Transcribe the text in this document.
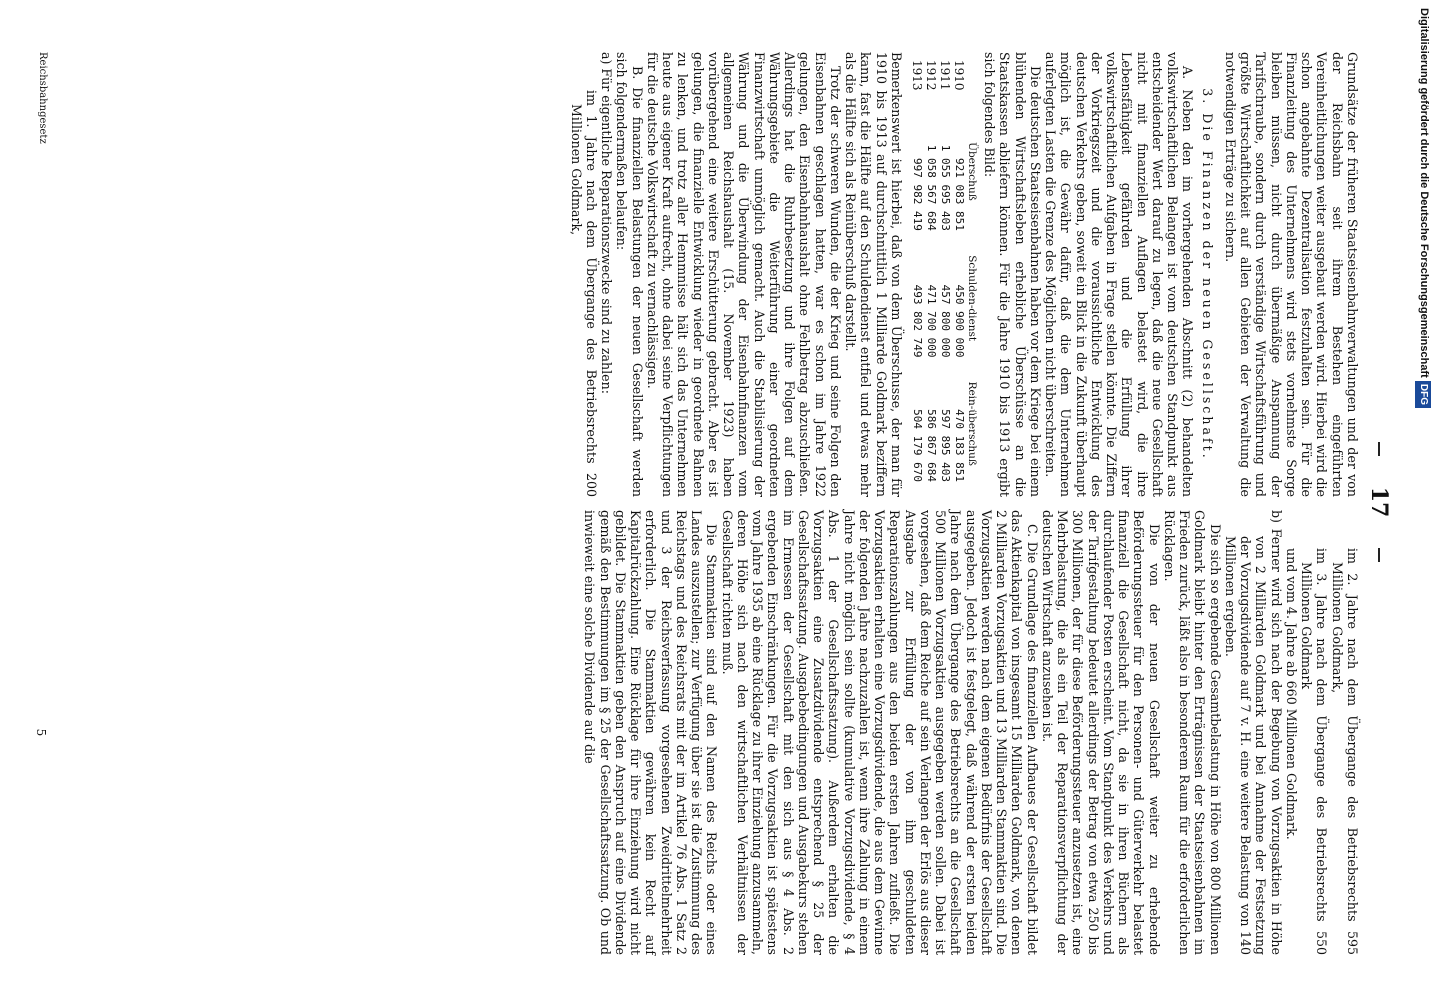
17

Grundsätze der früheren Staatseisenbahnverwaltungen und der von der Reichsbahn seit ihrem Bestehen eingeführten Vereinheitlichungen weiter ausgebaut werden wird. Hierbei wird die schon angebahnte Dezentralisation festzuhalten sein. Für die Finanzleitung des Unternehmens wird stets vornehmste Sorge bleiben müssen, nicht durch übermäßige Anspannung der Tarifschraube, sondern durch verständige Wirtschaftsführung und größte Wirtschaftlichkeit auf allen Gebieten der Verwaltung die notwendigen Erträge zu sichern.

3. Die Finanzen der neuen Gesellschaft.

A. Neben den im vorhergehenden Abschnitt (2) behandelten volkswirtschaftlichen Belangen ist vom deutschen Standpunkt aus entscheidender Wert darauf zu legen, daß die neue Gesellschaft nicht mit finanziellen Auflagen belastet wird, die ihre Lebensfähigkeit gefährden und die Erfüllung ihrer volkswirtschaftlichen Aufgaben in Frage stellen könnte. Die Ziffern der Vorkriegszeit und die voraussichtliche Entwicklung des deutschen Verkehrs geben, soweit ein Blick in die Zukunft überhaupt möglich ist, die Gewähr dafür, daß die dem Unternehmen auferlegten Lasten die Grenze des Möglichen nicht überschreiten.

Die deutschen Staatseisenbahnen haben vor dem Kriege bei einem blühenden Wirtschaftsleben erhebliche Überschüsse an die Staatskassen abliefern können. Für die Jahre 1910 bis 1913 ergibt sich folgendes Bild:

	Überschuß	Schulden-dienst	Rein-überschuß
1910	921 083 851	450 900 000	470 183 851
1911	1 055 695 403	457 800 000	597 895 403
1912	1 058 567 684	471 700 000	586 867 684
1913	997 982 419	493 802 749	504 179 670

Bemerkenswert ist hierbei, daß von dem Überschusse, der man für 1910 bis 1913 auf durchschnittlich 1 Milliarde Goldmark beziffern kann, fast die Hälfte auf den Schuldendienst entfiel und etwas mehr als die Hälfte sich als Reinüberschuß darstellt.

Trotz der schweren Wunden, die der Krieg und seine Folgen den Eisenbahnen geschlagen hatten, war es schon im Jahre 1922 gelungen, den Eisenbahnhaushalt ohne Fehlbetrag abzuschließen. Allerdings hat die Ruhrbesetzung und ihre Folgen auf dem Währungsgebiete die Weiterführung einer geordneten Finanzwirtschaft unmöglich gemacht. Auch die Stabilisierung der Währung und die Überwindung der Eisenbahnfinanzen vom allgemeinen Reichshaushalt (15. November 1923) haben vorübergehend eine weitere Erschütterung gebracht. Aber es ist gelungen, die finanzielle Entwicklung wieder in geordnete Bahnen zu lenken, und trotz aller Hemmnisse hält sich das Unternehmen heute aus eigener Kraft aufrecht, ohne dabei seine Verpflichtungen für die deutsche Volkswirtschaft zu vernachlässigen.

B. Die finanziellen Belastungen der neuen Gesellschaft werden sich folgendermaßen belaufen:

a) Für eigentliche Reparationszwecke sind zu zahlen:

im 1. Jahre nach dem Übergange des Betriebsrechts 200 Millionen Goldmark,

im 2. Jahre nach dem Übergange des Betriebsrechts 595 Millionen Goldmark,

im 3. Jahre nach dem Übergange des Betriebsrechts 550 Millionen Goldmark

und vom 4. Jahre ab 660 Millionen Goldmark.

b) Ferner wird sich nach der Begebung von Vorzugsaktien in Höhe von 2 Milliarden Goldmark und bei Annahme der Festsetzung der Vorzugsdividende auf 7 v. H. eine weitere Belastung von 140 Millionen ergeben.

Die sich so ergebende Gesamtbelastung in Höhe von 800 Millionen Goldmark bleibt hinter den Erträgnissen der Staatseisenbahnen im Frieden zurück, läßt also in besonderem Raum für die erforderlichen Rücklagen.

Die von der neuen Gesellschaft weiter zu erhebende Beförderungssteuer für den Personen- und Güterverkehr belastet finanziell die Gesellschaft nicht, da sie in ihren Büchern als durchlaufender Posten erscheint. Vom Standpunkt des Verkehrs und der Tarifgestaltung bedeutet allerdings der Betrag von etwa 250 bis 300 Millionen, der für diese Beförderungssteuer anzusetzen ist, eine Mehrbelastung, die als ein Teil der Reparationsverpflichtung der deutschen Wirtschaft anzusehen ist.

C. Die Grundlage des finanziellen Aufbaues der Gesellschaft bildet das Aktienkapital von insgesamt 15 Milliarden Goldmark, von denen 2 Milliarden Vorzugsaktien und 13 Milliarden Stammaktien sind. Die Vorzugsaktien werden nach dem eigenen Bedürfnis der Gesellschaft ausgegeben. Jedoch ist festgelegt, daß während der ersten beiden Jahre nach dem Übergange des Betriebsrechts an die Gesellschaft 500 Millionen Vorzugsaktien ausgegeben werden sollen. Dabei ist vorgesehen, daß dem Reiche auf sein Verlangen der Erlös aus dieser Ausgabe zur Erfüllung der von ihm geschuldeten Reparationszahlungen aus den beiden ersten Jahren zufließt. Die Vorzugsaktien erhalten eine Vorzugsdividende, die aus dem Gewinne der folgenden Jahre nachzuzahlen ist, wenn ihre Zahlung in einem Jahre nicht möglich sein sollte (kumulative Vorzugsdividende, § 4 Abs. 1 der Gesellschaftssatzung). Außerdem erhalten die Vorzugsaktien eine Zusatzdividende entsprechend § 25 der Gesellschaftssatzung. Ausgabebedingungen und Ausgabekurs stehen im Ermessen der Gesellschaft mit den sich aus § 4 Abs. 2 ergebenden Einschränkungen. Für die Vorzugsaktien ist spätestens vom Jahre 1935 ab eine Rücklage zu ihrer Einziehung anzusammeln, deren Höhe sich nach den wirtschaftlichen Verhältnissen der Gesellschaft richten muß.

Die Stammaktien sind auf den Namen des Reichs oder eines Landes auszustellen; zur Verfügung über sie ist die Zustimmung des Reichstags und des Reichsrats mit der im Artikel 76 Abs. 1 Satz 2 und 3 der Reichsverfassung vorgesehenen Zweidrittelmehrheit erforderlich. Die Stammaktien gewähren kein Recht auf Kapitalrückzahlung. Eine Rücklage für ihre Einziehung wird nicht gebildet. Die Stammaktien geben den Anspruch auf eine Dividende gemäß den Bestimmungen im § 25 der Gesellschaftssatzung. Ob und inwieweit eine solche Dividende auf die

Reichsbahngesetz
5
Digitalisierung gefördert durch die Deutsche Forschungsgemeinschaft DFG
